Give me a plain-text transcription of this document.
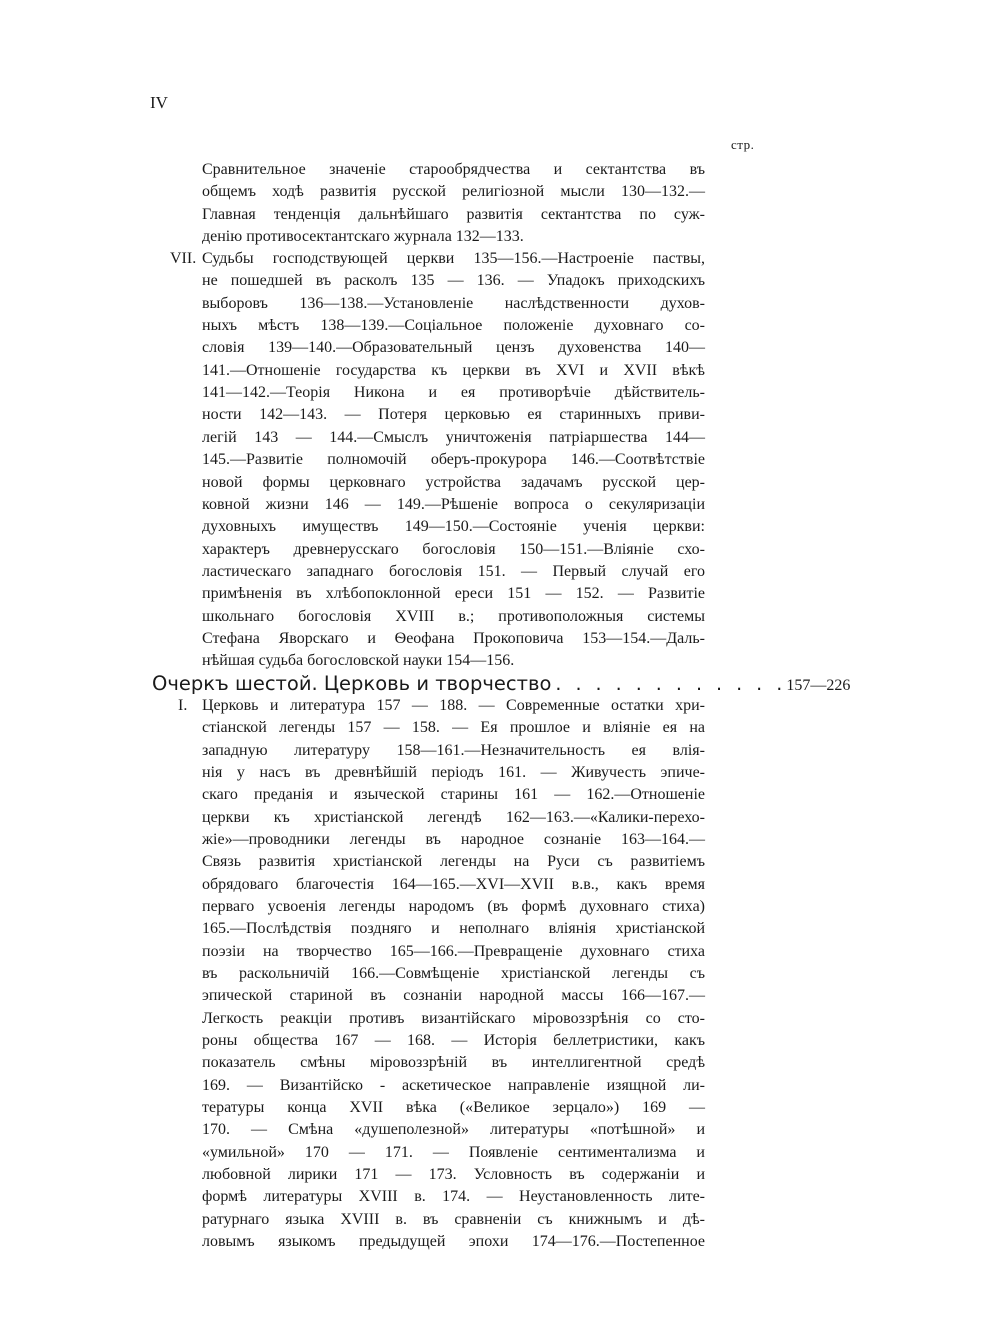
IV
стр.
Сравнительное значеніе старообрядчества и сектантства въ
общемъ ходѣ развитія русской религіозной мысли 130—132.—
Главная тенденція дальнѣйшаго развитія сектантства по суж-
денію противосектантскаго журнала 132—133.
VII. Судьбы господствующей церкви 135—156.—Настроеніе паствы,
не пошедшей въ расколъ 135 — 136. — Упадокъ приходскихъ
выборовъ 136—138.—Установленіе наслѣдственности духов-
ныхъ мѣстъ 138—139.—Соціальное положеніе духовнаго со-
словія 139—140.—Образовательный цензъ духовенства 140—
141.—Отношеніе государства къ церкви въ XVI и XVII вѣкѣ
141—142.—Теорія Никона и ея противорѣчіе дѣйствитель-
ности 142—143. — Потеря церковью ея старинныхъ приви-
легій 143 — 144.—Смыслъ уничтоженія патріаршества 144—
145.—Развитіе полномочій оберъ-прокурора 146.—Соотвѣтствіе
новой формы церковнаго устройства задачамъ русской цер-
ковной жизни 146 — 149.—Рѣшеніе вопроса о секуляризаціи
духовныхъ имуществъ 149—150.—Состояніе ученія церкви:
характеръ древнерусскаго богословія 150—151.—Вліяніе схо-
ластическаго западнаго богословія 151. — Первый случай его
примѣненія въ хлѣбопоклонной ереси 151 — 152. — Развитіе
школьнаго богословія XVIII в.; противоположныя системы
Стефана Яворскаго и Ѳеофана Прокоповича 153—154.—Даль-
нѣйшая судьба богословской науки 154—156.
Очеркъ шестой. Церковь и творчество . . . . . . . . . . . . 157—226
I. Церковь и литература 157 — 188. — Современные остатки хри-
стіанской легенды 157 — 158. — Ея прошлое и вліяніе ея на
западную литературу 158—161.—Незначительность ея влія-
нія у насъ въ древнѣйшій періодъ 161. — Живучесть эпиче-
скаго преданія и языческой старины 161 — 162.—Отношеніе
церкви къ христіанской легендѣ 162—163.—«Калики-перехо-
жіе»—проводники легенды въ народное сознаніе 163—164.—
Связь развитія христіанской легенды на Руси съ развитіемъ
обрядоваго благочестія 164—165.—XVI—XVII в.в., какъ время
перваго усвоенія легенды народомъ (въ формѣ духовнаго стиха)
165.—Послѣдствія поздняго и неполнаго вліянія христіанской
поэзіи на творчество 165—166.—Превращеніе духовнаго стиха
въ раскольничій 166.—Совмѣщеніе христіанской легенды съ
эпической стариной въ сознаніи народной массы 166—167.—
Легкость реакціи противъ византійскаго міровоззрѣнія со сто-
роны общества 167 — 168. — Исторія беллетристики, какъ
показатель смѣны міровоззрѣній въ интеллигентной средѣ
169. — Византійско - аскетическое направленіе изящной ли-
тературы конца XVII вѣка («Великое зерцало») 169 —
170. — Смѣна «душеполезной» литературы «потѣшной» и
«умильной» 170 — 171. — Появленіе сентиментализма и
любовной лирики 171 — 173. Условность въ содержаніи и
формѣ литературы XVIII в. 174. — Неустановленность лите-
ратурнаго языка XVIII в. въ сравненіи съ книжнымъ и дѣ-
ловымъ языкомъ предыдущей эпохи 174—176.—Постепенное
